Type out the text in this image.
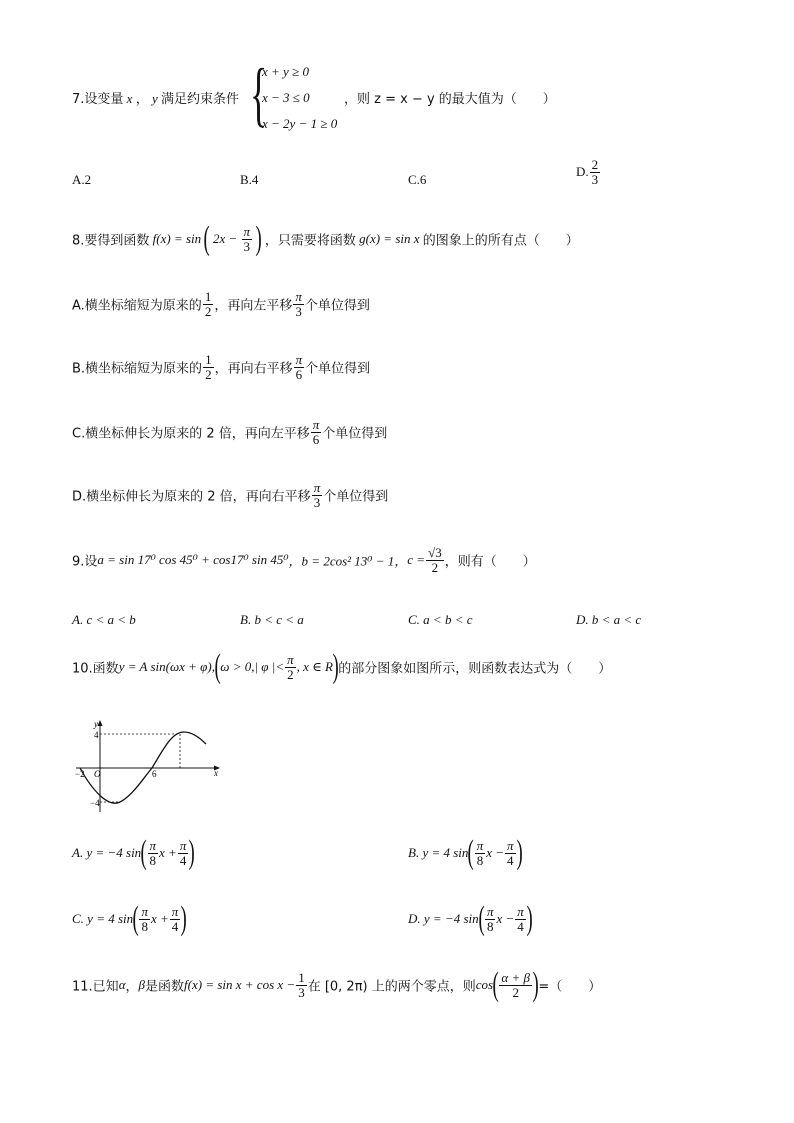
7.设变量 x ， y 满足约束条件 {
x + y ≥ 0
x − 3 ≤ 0
x − 2y − 1 ≥ 0
，则 z = x − y 的最大值为（　　）
A.2	B.4	C.6
D. $\frac{2}{3}$
8.要得到函数 f(x) = sin ( $2x - \frac{\pi}{3}$ ) ，只需要将函数 g(x) = sin x 的图象上的所有点（　　）
A.横坐标缩短为原来的 $\frac{1}{2}$ ，再向左平移 $\frac{\pi}{3}$ 个单位得到
B.横坐标缩短为原来的 $\frac{1}{2}$ ，再向右平移 $\frac{\pi}{6}$ 个单位得到
C.横坐标伸长为原来的 2 倍，再向左平移 $\frac{\pi}{6}$ 个单位得到
D.横坐标伸长为原来的 2 倍，再向右平移 $\frac{\pi}{3}$ 个单位得到
9.设a = sin 17⁰ cos 45⁰ + cos17⁰ sin 45⁰，b = 2cos² 13⁰ − 1，$c = \frac{√3}{2}$ ，则有（　　）
A. c < a < b	B. b < c < a	C. a < b < c	D. b < a < c
10.函数y = A sin(ωx + φ),(ω > 0,| φ |< $\frac{\pi}{2}$ , x ∈ R)的部分图象如图所示，则函数表达式为（　　）
y
x
O
4
−4
−2	6
A. y = −4 $\sin( \frac{\pi}{8}$ $x + \frac{\pi}{4}$ )	B. y = 4 $\sin( \frac{\pi}{8}$ $x - \frac{\pi}{4}$ )
C. y = 4 $\sin( \frac{\pi}{8}$ $x + \frac{\pi}{4}$ )	D. y = −4 $\sin( \frac{\pi}{8}$ $x - \frac{\pi}{4}$ )
11.已知α，β是函数$f(x) = \sin x + \cos x - \frac{1}{3}$ 在 [0, 2π) 上的两个零点，则$\cos( \frac{\alpha + \beta}{2}$ )=（　　）
